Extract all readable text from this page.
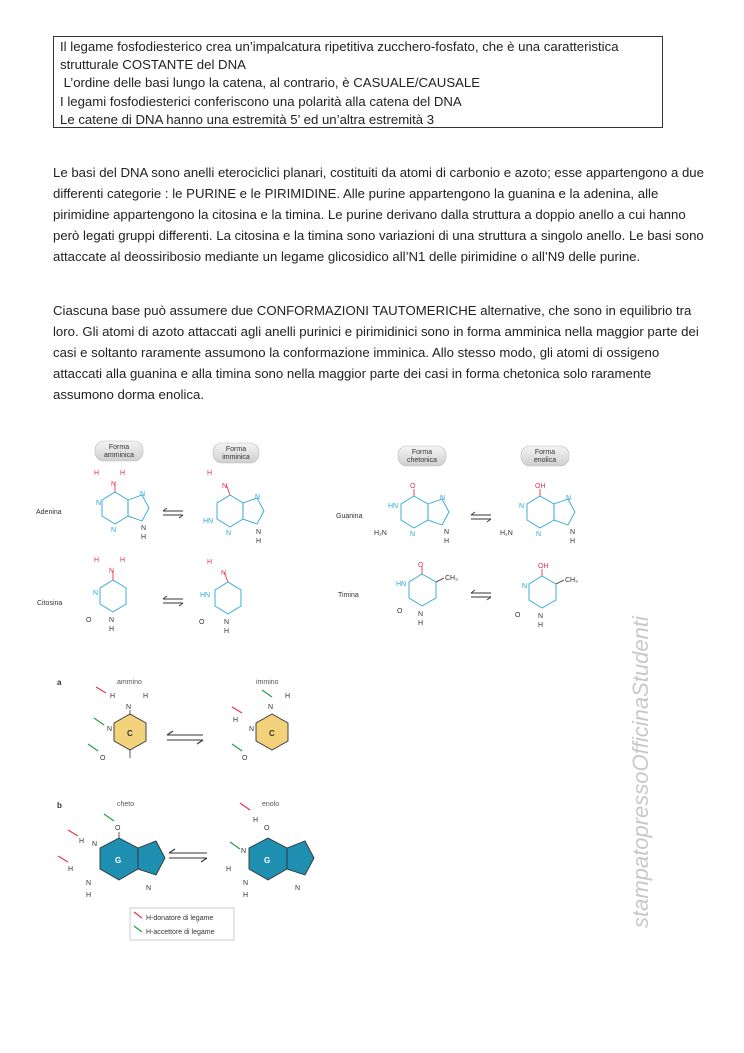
Il legame fosfodiesterico crea un’impalcatura ripetitiva zucchero-fosfato, che è una caratteristica
strutturale COSTANTE del DNA
L’ordine delle basi lungo la catena, al contrario, è CASUALE/CAUSALE
I legami fosfodiesterici conferiscono una polarità alla catena del DNA
Le catene di DNA hanno una estremità 5’ ed un’altra estremità 3
Le basi del DNA sono anelli eterociclici planari, costituiti da atomi di carbonio e azoto; esse appartengono a due differenti categorie : le PURINE e le PIRIMIDINE. Alle purine appartengono la guanina e la adenina, alle pirimidine appartengono la citosina e la timina. Le purine derivano dalla struttura a doppio anello a cui hanno però legati gruppi differenti. La citosina e la timina sono variazioni di una struttura a singolo anello. Le basi sono attaccate al deossiribosio mediante un legame glicosidico all’N1 delle pirimidine o all’N9 delle purine.
Ciascuna base può assumere due CONFORMAZIONI TAUTOMERICHE alternative, che sono in equilibrio tra loro. Gli atomi di azoto attaccati agli anelli purinici e pirimidinici sono in forma amminica nella maggior parte dei casi e soltanto raramente assumono la conformazione imminica. Allo stesso modo, gli atomi di ossigeno attaccati alla guanina e alla timina sono nella maggior parte dei casi in forma chetonica solo raramente assumono dorma enolica.
Forma
amminica
Forma
imminica
Forma
chetonica
Forma
enolica
Adenina
Citosina
Guanina
Timina
H	H
N
N
N
N
N
H
H
N
HN
N
N
N
H
H	H
N
N
O	N
H
H
N
HN
O	N
H
O
HN
H₂N	N
N
N
H
OH
N
H₂N	N
N
N
H
O
HN
CH₃
O N
H
OH
N
CH₃
O	N
H
a	ammino	immino
C
N
H	H
N
O
C
N
H
N
H
O
b	cheto	enolo
G
O
N
H
H
N
H
N
G
O
H
N
H
N
H
N
H-donatore di legame
H-accettore di legame
stampatopressoOfficinaStudenti
